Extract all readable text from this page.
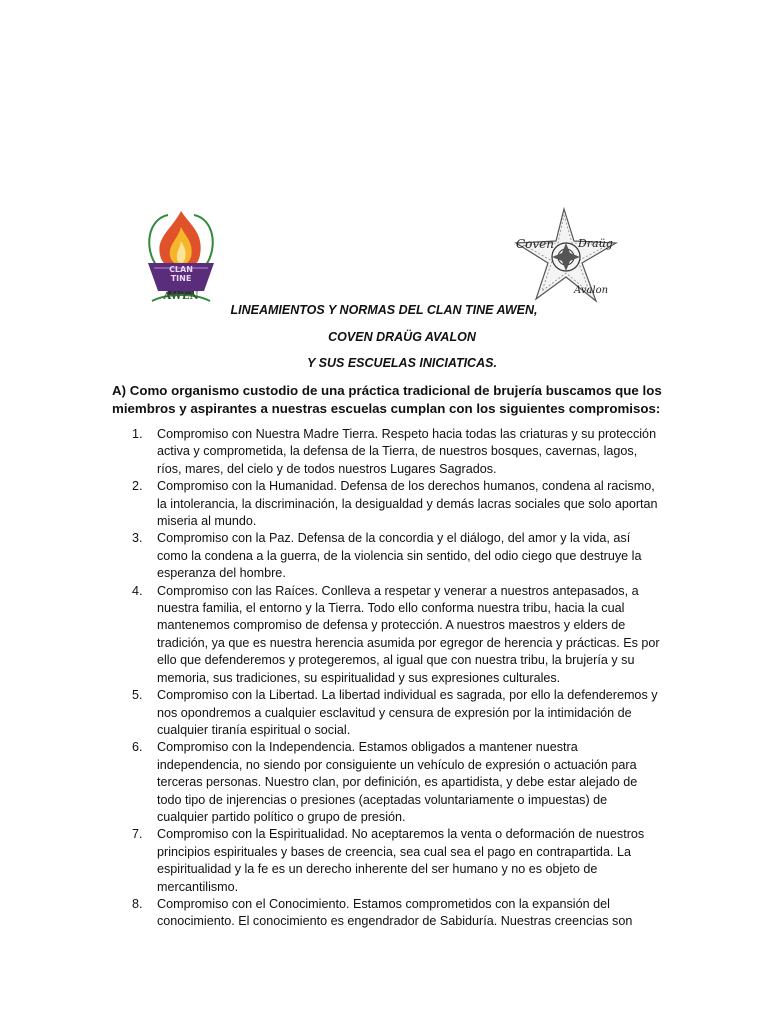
CLAN
TINE
AWEN
Coven Draüg
Avalon
LINEAMIENTOS Y NORMAS DEL CLAN TINE AWEN,
COVEN DRAÜG AVALON
Y SUS ESCUELAS INICIATICAS.
A) Como organismo custodio de una práctica tradicional de brujería buscamos que los miembros y aspirantes a nuestras escuelas cumplan con los siguientes compromisos:
1. Compromiso con Nuestra Madre Tierra. Respeto hacia todas las criaturas y su protección activa y comprometida, la defensa de la Tierra, de nuestros bosques, cavernas, lagos, ríos, mares, del cielo y de todos nuestros Lugares Sagrados.
2. Compromiso con la Humanidad. Defensa de los derechos humanos, condena al racismo, la intolerancia, la discriminación, la desigualdad y demás lacras sociales que solo aportan miseria al mundo.
3. Compromiso con la Paz. Defensa de la concordia y el diálogo, del amor y la vida, así como la condena a la guerra, de la violencia sin sentido, del odio ciego que destruye la esperanza del hombre.
4. Compromiso con las Raíces. Conlleva a respetar y venerar a nuestros antepasados, a nuestra familia, el entorno y la Tierra. Todo ello conforma nuestra tribu, hacia la cual mantenemos compromiso de defensa y protección. A nuestros maestros y elders de tradición, ya que es nuestra herencia asumida por egregor de herencia y prácticas. Es por ello que defenderemos y protegeremos, al igual que con nuestra tribu, la brujería y su memoria, sus tradiciones, su espiritualidad y sus expresiones culturales.
5. Compromiso con la Libertad. La libertad individual es sagrada, por ello la defenderemos y nos opondremos a cualquier esclavitud y censura de expresión por la intimidación de cualquier tiranía espiritual o social.
6. Compromiso con la Independencia. Estamos obligados a mantener nuestra independencia, no siendo por consiguiente un vehículo de expresión o actuación para terceras personas. Nuestro clan, por definición, es apartidista, y debe estar alejado de todo tipo de injerencias o presiones (aceptadas voluntariamente o impuestas) de cualquier partido político o grupo de presión.
7. Compromiso con la Espiritualidad. No aceptaremos la venta o deformación de nuestros principios espirituales y bases de creencia, sea cual sea el pago en contrapartida. La espiritualidad y la fe es un derecho inherente del ser humano y no es objeto de mercantilismo.
8. Compromiso con el Conocimiento. Estamos comprometidos con la expansión del conocimiento. El conocimiento es engendrador de Sabiduría. Nuestras creencias son
